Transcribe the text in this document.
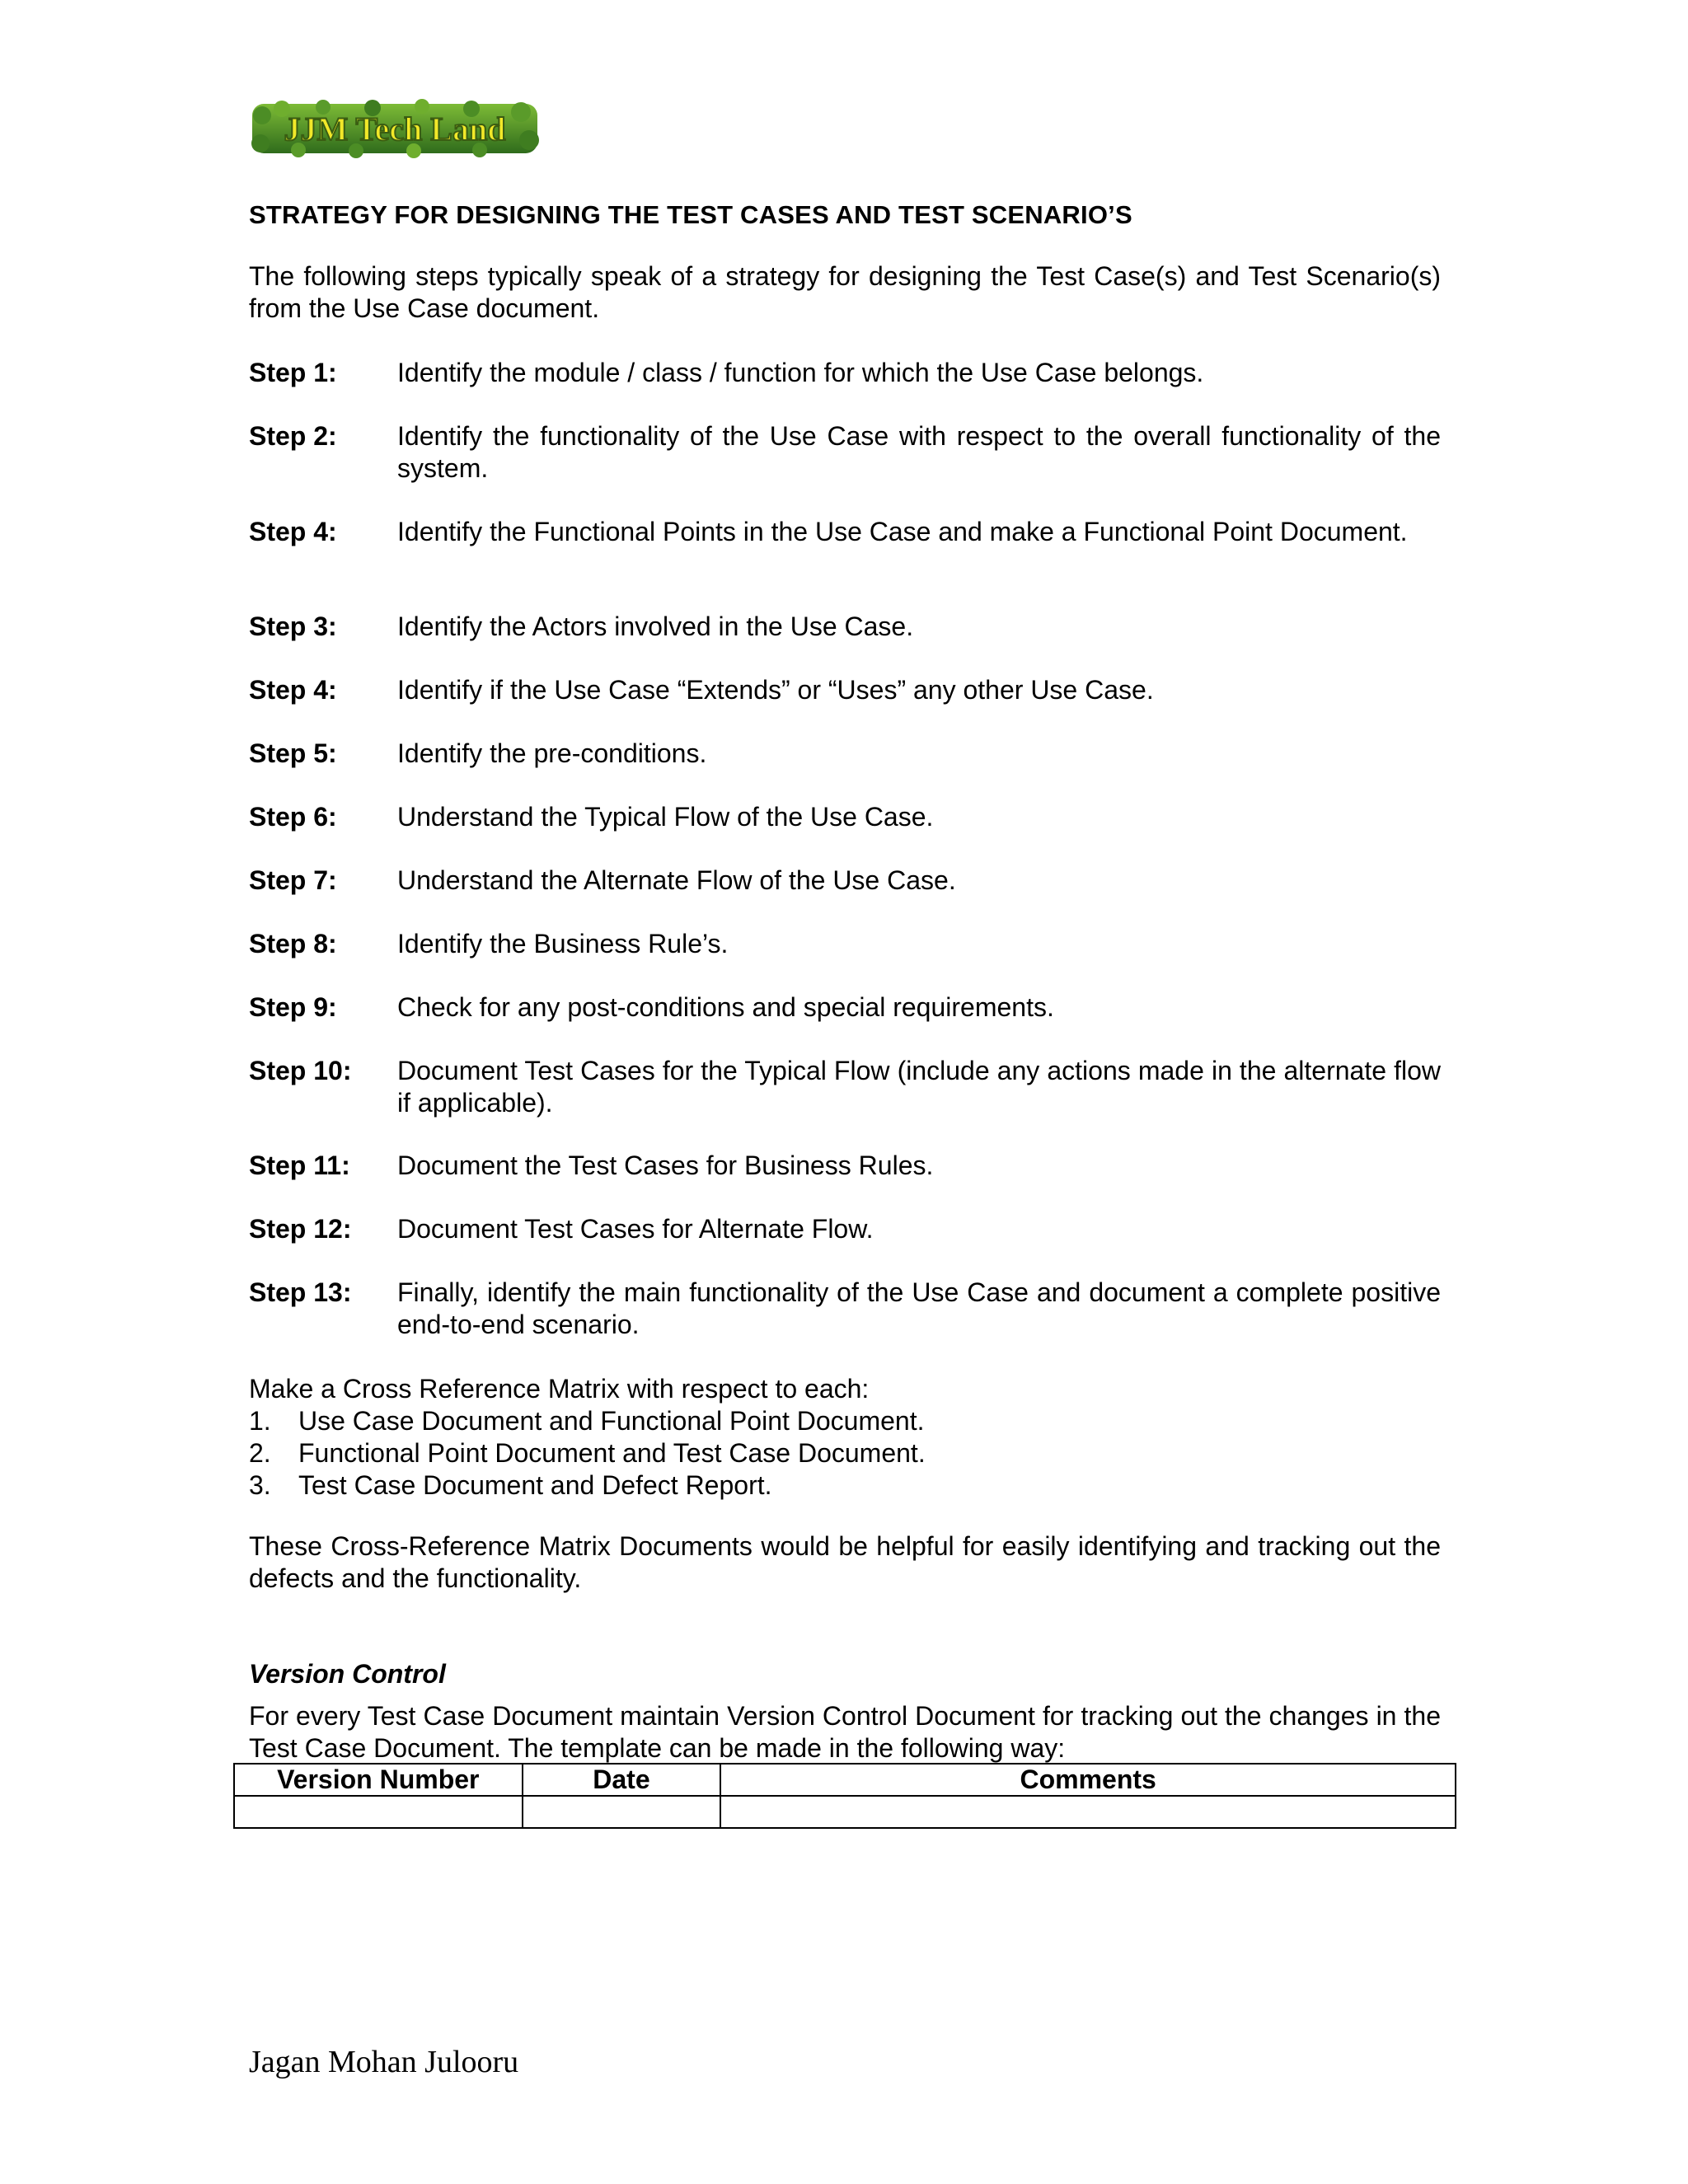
JJM Tech Land
STRATEGY FOR DESIGNING THE TEST CASES AND TEST SCENARIO’S
The following steps typically speak of a strategy for designing the Test Case(s) and Test Scenario(s) from the Use Case document.
Step 1: Identify the module / class / function for which the Use Case belongs.
Step 2: Identify the functionality of the Use Case with respect to the overall functionality of the system.
Step 4: Identify the Functional Points in the Use Case and make a Functional Point Document.
Step 3: Identify the Actors involved in the Use Case.
Step 4: Identify if the Use Case “Extends” or “Uses” any other Use Case.
Step 5: Identify the pre-conditions.
Step 6: Understand the Typical Flow of the Use Case.
Step 7: Understand the Alternate Flow of the Use Case.
Step 8: Identify the Business Rule’s.
Step 9: Check for any post-conditions and special requirements.
Step 10: Document Test Cases for the Typical Flow (include any actions made in the alternate flow if applicable).
Step 11: Document the Test Cases for Business Rules.
Step 12: Document Test Cases for Alternate Flow.
Step 13: Finally, identify the main functionality of the Use Case and document a complete positive end-to-end scenario.
Make a Cross Reference Matrix with respect to each:
1. Use Case Document and Functional Point Document.
2. Functional Point Document and Test Case Document.
3. Test Case Document and Defect Report.
These Cross-Reference Matrix Documents would be helpful for easily identifying and tracking out the defects and the functionality.
Version Control
For every Test Case Document maintain Version Control Document for tracking out the changes in the Test Case Document. The template can be made in the following way:
Version Number	Date	Comments

Jagan Mohan Julooru
